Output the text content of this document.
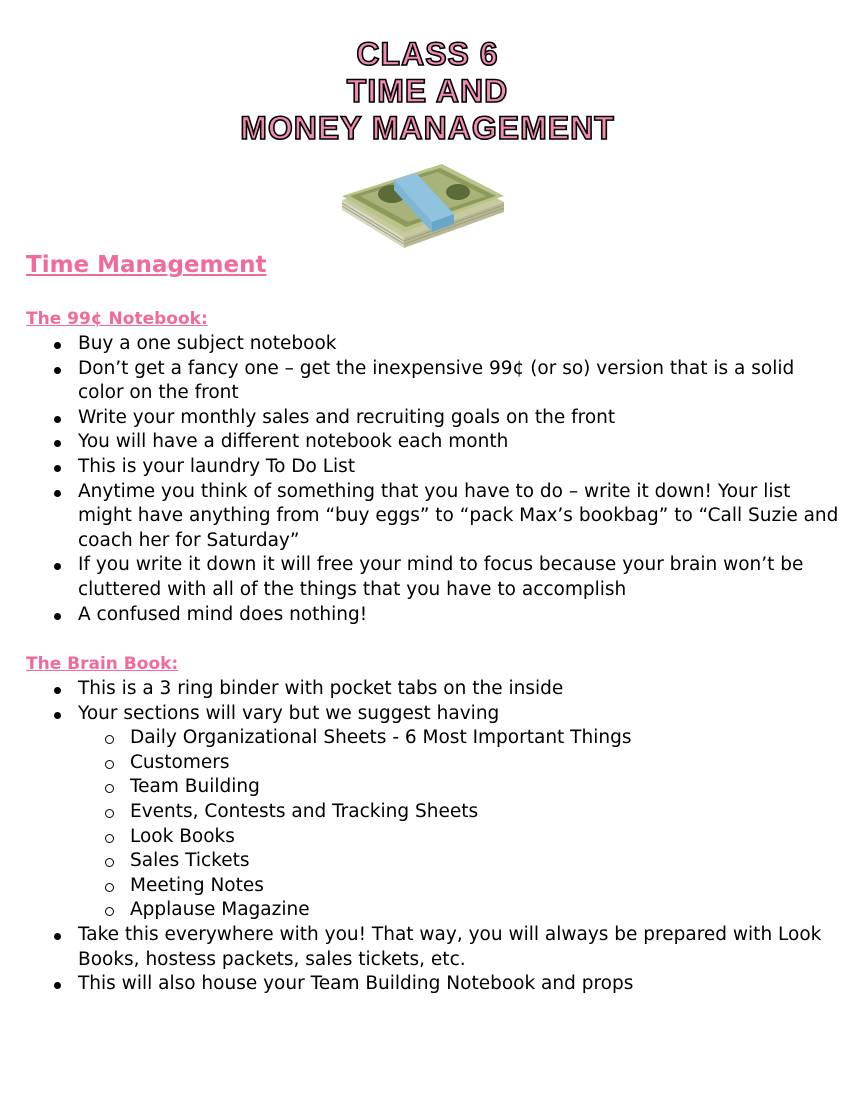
CLASS 6
TIME AND
MONEY MANAGEMENT
Time Management
The 99¢ Notebook:
Buy a one subject notebook
Don’t get a fancy one – get the inexpensive 99¢ (or so) version that is a solid color on the front
Write your monthly sales and recruiting goals on the front
You will have a different notebook each month
This is your laundry To Do List
Anytime you think of something that you have to do – write it down! Your list might have anything from “buy eggs” to “pack Max’s bookbag” to “Call Suzie and coach her for Saturday”
If you write it down it will free your mind to focus because your brain won’t be cluttered with all of the things that you have to accomplish
A confused mind does nothing!
The Brain Book:
This is a 3 ring binder with pocket tabs on the inside
Your sections will vary but we suggest having
Daily Organizational Sheets - 6 Most Important Things
Customers
Team Building
Events, Contests and Tracking Sheets
Look Books
Sales Tickets
Meeting Notes
Applause Magazine
Take this everywhere with you! That way, you will always be prepared with Look Books, hostess packets, sales tickets, etc.
This will also house your Team Building Notebook and props
